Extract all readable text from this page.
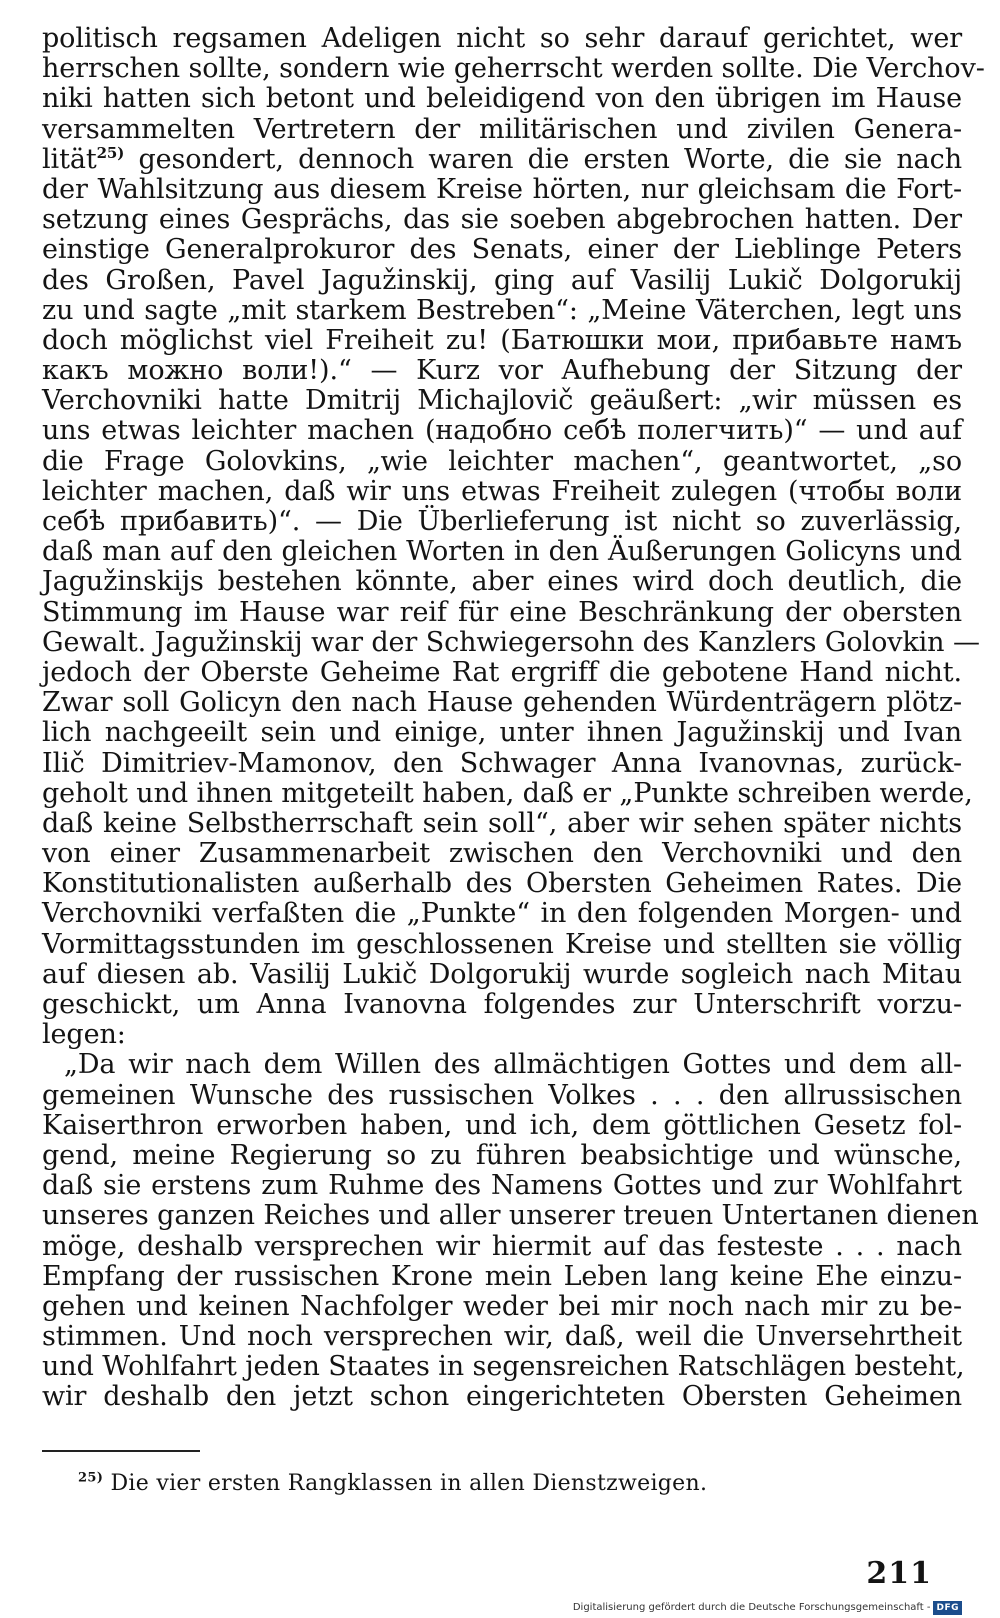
politisch regsamen Adeligen nicht so sehr darauf gerichtet, wer
herrschen sollte, sondern wie geherrscht werden sollte. Die Verchov-
niki hatten sich betont und beleidigend von den übrigen im Hause
versammelten Vertretern der militärischen und zivilen Genera-
lität$^{25)}$ gesondert, dennoch waren die ersten Worte, die sie nach
der Wahlsitzung aus diesem Kreise hörten, nur gleichsam die Fort-
setzung eines Gesprächs, das sie soeben abgebrochen hatten. Der
einstige Generalprokuror des Senats, einer der Lieblinge Peters
des Großen, Pavel Jagužinskij, ging auf Vasilij Lukič Dolgorukij
zu und sagte „mit starkem Bestreben“: „Meine Väterchen, legt uns
doch möglichst viel Freiheit zu! (Батюшки мои, прибавьте намъ
какъ можно воли!).“ — Kurz vor Aufhebung der Sitzung der
Verchovniki hatte Dmitrij Michajlovič geäußert: „wir müssen es
uns etwas leichter machen (надобно себѣ полегчить)“ — und auf
die Frage Golovkins, „wie leichter machen“, geantwortet, „so
leichter machen, daß wir uns etwas Freiheit zulegen (чтобы воли
себѣ прибавить)“. — Die Überlieferung ist nicht so zuverlässig,
daß man auf den gleichen Worten in den Äußerungen Golicyns und
Jagužinskijs bestehen könnte, aber eines wird doch deutlich, die
Stimmung im Hause war reif für eine Beschränkung der obersten
Gewalt. Jagužinskij war der Schwiegersohn des Kanzlers Golovkin —
jedoch der Oberste Geheime Rat ergriff die gebotene Hand nicht.
Zwar soll Golicyn den nach Hause gehenden Würdenträgern plötz-
lich nachgeeilt sein und einige, unter ihnen Jagužinskij und Ivan
Ilič Dimitriev-Mamonov, den Schwager Anna Ivanovnas, zurück-
geholt und ihnen mitgeteilt haben, daß er „Punkte schreiben werde,
daß keine Selbstherrschaft sein soll“, aber wir sehen später nichts
von einer Zusammenarbeit zwischen den Verchovniki und den
Konstitutionalisten außerhalb des Obersten Geheimen Rates. Die
Verchovniki verfaßten die „Punkte“ in den folgenden Morgen- und
Vormittagsstunden im geschlossenen Kreise und stellten sie völlig
auf diesen ab. Vasilij Lukič Dolgorukij wurde sogleich nach Mitau
geschickt, um Anna Ivanovna folgendes zur Unterschrift vorzu-
legen:
„Da wir nach dem Willen des allmächtigen Gottes und dem all-
gemeinen Wunsche des russischen Volkes . . . den allrussischen
Kaiserthron erworben haben, und ich, dem göttlichen Gesetz fol-
gend, meine Regierung so zu führen beabsichtige und wünsche,
daß sie erstens zum Ruhme des Namens Gottes und zur Wohlfahrt
unseres ganzen Reiches und aller unserer treuen Untertanen dienen
möge, deshalb versprechen wir hiermit auf das festeste . . . nach
Empfang der russischen Krone mein Leben lang keine Ehe einzu-
gehen und keinen Nachfolger weder bei mir noch nach mir zu be-
stimmen. Und noch versprechen wir, daß, weil die Unversehrtheit
und Wohlfahrt jeden Staates in segensreichen Ratschlägen besteht,
wir deshalb den jetzt schon eingerichteten Obersten Geheimen
$^{25)}$ Die vier ersten Rangklassen in allen Dienstzweigen.
211
Digitalisierung gefördert durch die Deutsche Forschungsgemeinschaft - DFG
